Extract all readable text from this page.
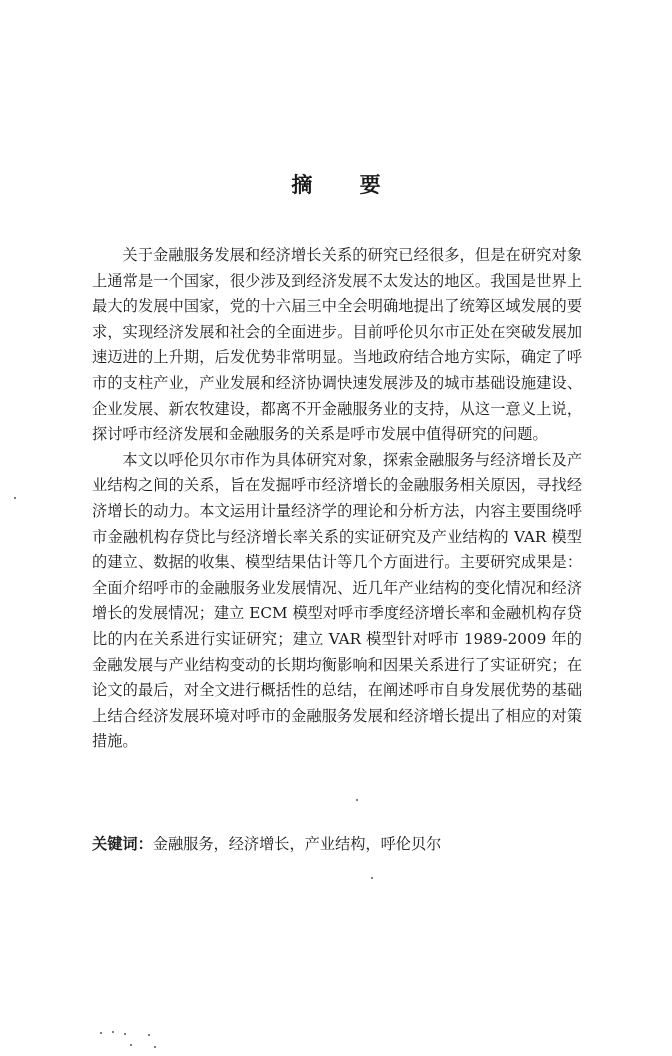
摘 要

关于金融服务发展和经济增长关系的研究已经很多，但是在研究对象上通常是一个国家，很少涉及到经济发展不太发达的地区。我国是世界上最大的发展中国家，党的十六届三中全会明确地提出了统筹区域发展的要求，实现经济发展和社会的全面进步。目前呼伦贝尔市正处在突破发展加速迈进的上升期，后发优势非常明显。当地政府结合地方实际，确定了呼市的支柱产业，产业发展和经济协调快速发展涉及的城市基础设施建设、企业发展、新农牧建设，都离不开金融服务业的支持，从这一意义上说，探讨呼市经济发展和金融服务的关系是呼市发展中值得研究的问题。

本文以呼伦贝尔市作为具体研究对象，探索金融服务与经济增长及产业结构之间的关系，旨在发掘呼市经济增长的金融服务相关原因，寻找经济增长的动力。本文运用计量经济学的理论和分析方法，内容主要围绕呼市金融机构存贷比与经济增长率关系的实证研究及产业结构的 VAR 模型的建立、数据的收集、模型结果估计等几个方面进行。主要研究成果是：全面介绍呼市的金融服务业发展情况、近几年产业结构的变化情况和经济增长的发展情况；建立 ECM 模型对呼市季度经济增长率和金融机构存贷比的内在关系进行实证研究；建立 VAR 模型针对呼市 1989-2009 年的金融发展与产业结构变动的长期均衡影响和因果关系进行了实证研究；在论文的最后，对全文进行概括性的总结，在阐述呼市自身发展优势的基础上结合经济发展环境对呼市的金融服务发展和经济增长提出了相应的对策措施。

关键词：金融服务，经济增长，产业结构，呼伦贝尔
